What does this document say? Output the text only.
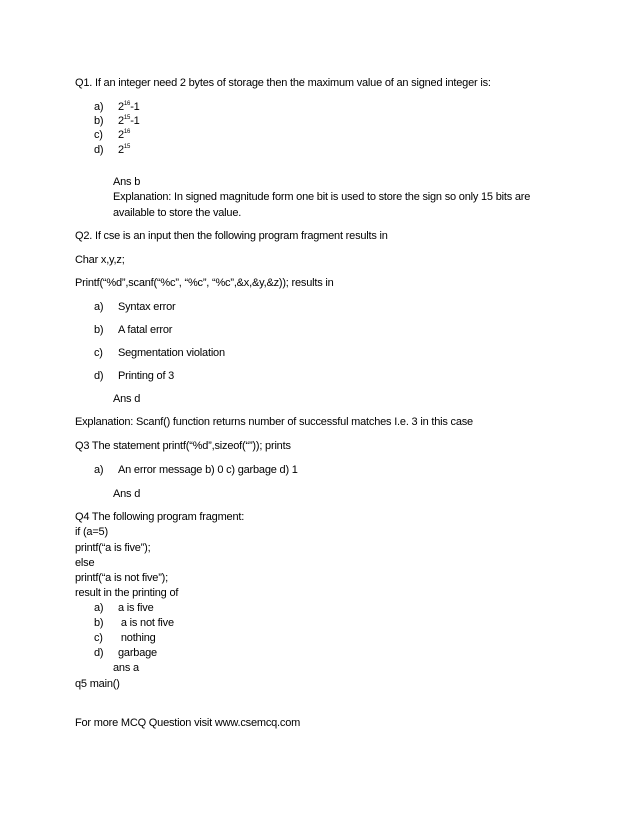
Q1. If an integer need 2 bytes of storage then the maximum value of an signed integer is:
a) $2^{16}-1$
b) $2^{15}-1$
c) $2^{16}$
d) $2^{15}$
Ans b
Explanation: In signed magnitude form one bit is used to store the sign so only 15 bits are
available to store the value.
Q2. If cse is an input then the following program fragment results in
Char x,y,z;
Printf(“%d”,scanf(“%c”, “%c”, “%c”,&x,&y,&z)); results in
a) Syntax error
b) A fatal error
c) Segmentation violation
d) Printing of 3
Ans d
Explanation: Scanf() function returns number of successful matches I.e. 3 in this case
Q3 The statement printf(“%d”,sizeof(“”)); prints
a) An error message b) 0 c) garbage d) 1
Ans d
Q4 The following program fragment:
if (a=5)
printf(“a is five”);
else
printf(“a is not five”);
result in the printing of
a) a is five
b) a is not five
c) nothing
d) garbage
ans a
q5 main()
For more MCQ Question visit www.csemcq.com
